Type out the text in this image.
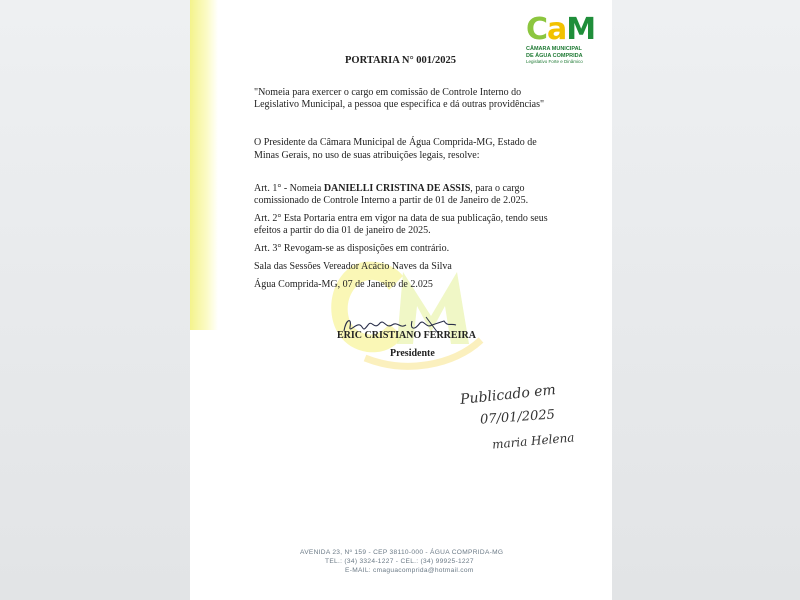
CaM
CÂMARA MUNICIPAL
DE ÁGUA COMPRIDA
Legislativo Forte e Dinâmico
PORTARIA N° 001/2025
"Nomeia para exercer o cargo em comissão de Controle Interno do
Legislativo Municipal, a pessoa que especifica e dá outras providências"
O Presidente da Câmara Municipal de Água Comprida-MG, Estado de
Minas Gerais, no uso de suas atribuições legais, resolve:
Art. 1° - Nomeia DANIELLI CRISTINA DE ASSIS, para o cargo
comissionado de Controle Interno a partir de 01 de Janeiro de 2.025.
Art. 2° Esta Portaria entra em vigor na data de sua publicação, tendo seus
efeitos a partir do dia 01 de janeiro de 2025.
Art. 3° Revogam-se as disposições em contrário.
Sala das Sessões Vereador Acácio Naves da Silva
Água Comprida-MG, 07 de Janeiro de 2.025
ERIC CRISTIANO FERREIRA
Presidente
Publicado em
07/01/2025
maria Helena
AVENIDA 23, Nº 159 - CEP 38110-000 - ÁGUA COMPRIDA-MG
TEL.: (34) 3324-1227 - CEL.: (34) 99925-1227
E-MAIL: cmaguacomprida@hotmail.com
